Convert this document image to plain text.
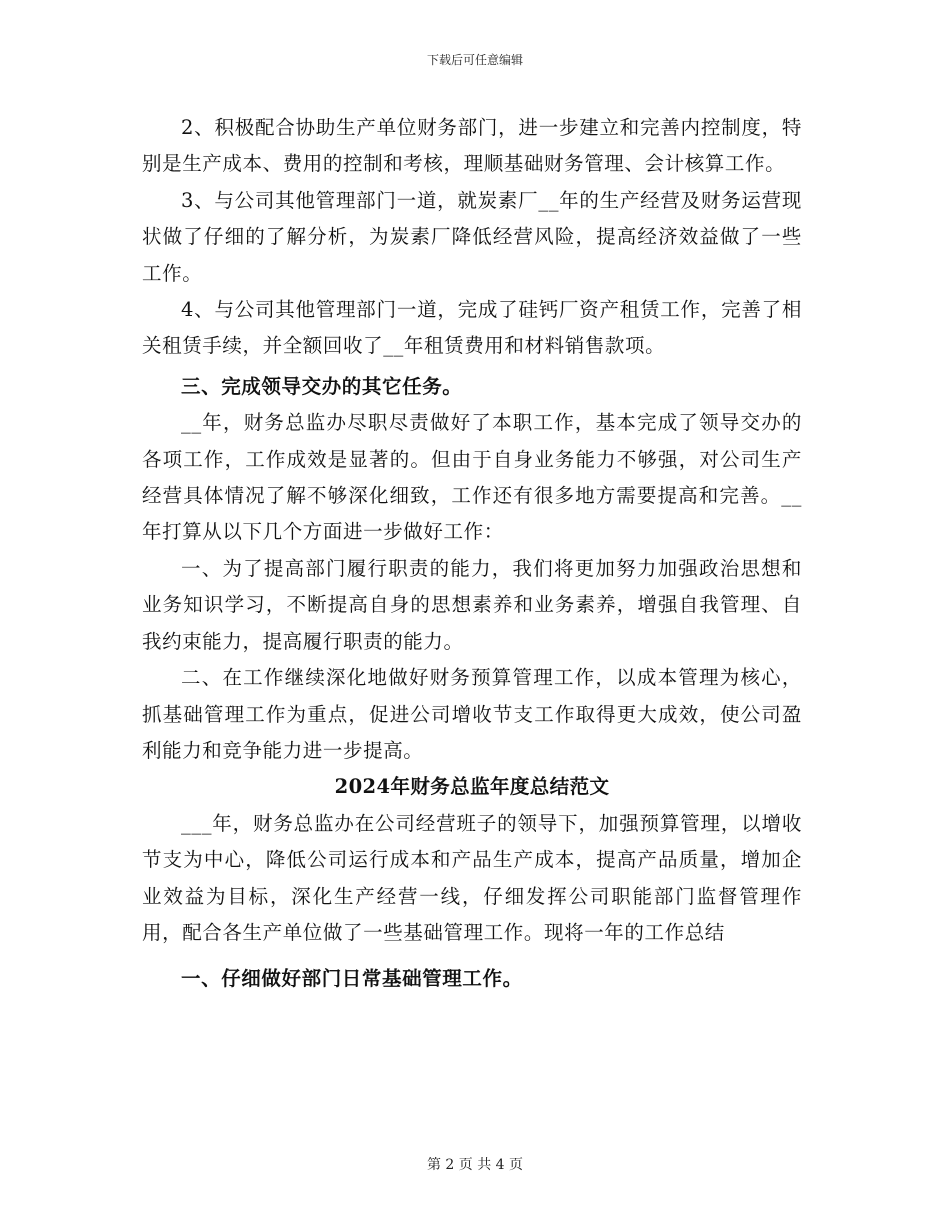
下载后可任意编辑

2、积极配合协助生产单位财务部门，进一步建立和完善内控制度，特别是生产成本、费用的控制和考核，理顺基础财务管理、会计核算工作。

3、与公司其他管理部门一道，就炭素厂__年的生产经营及财务运营现状做了仔细的了解分析，为炭素厂降低经营风险，提高经济效益做了一些工作。

4、与公司其他管理部门一道，完成了硅钙厂资产租赁工作，完善了相关租赁手续，并全额回收了__年租赁费用和材料销售款项。

三、完成领导交办的其它任务。

__年，财务总监办尽职尽责做好了本职工作，基本完成了领导交办的各项工作，工作成效是显著的。但由于自身业务能力不够强，对公司生产经营具体情况了解不够深化细致，工作还有很多地方需要提高和完善。__年打算从以下几个方面进一步做好工作：

一、为了提高部门履行职责的能力，我们将更加努力加强政治思想和业务知识学习，不断提高自身的思想素养和业务素养，增强自我管理、自我约束能力，提高履行职责的能力。

二、在工作继续深化地做好财务预算管理工作，以成本管理为核心，抓基础管理工作为重点，促进公司增收节支工作取得更大成效，使公司盈利能力和竞争能力进一步提高。

2024年财务总监年度总结范文

___年，财务总监办在公司经营班子的领导下，加强预算管理，以增收节支为中心，降低公司运行成本和产品生产成本，提高产品质量，增加企业效益为目标，深化生产经营一线，仔细发挥公司职能部门监督管理作用，配合各生产单位做了一些基础管理工作。现将一年的工作总结

一、仔细做好部门日常基础管理工作。

第 2 页 共 4 页
